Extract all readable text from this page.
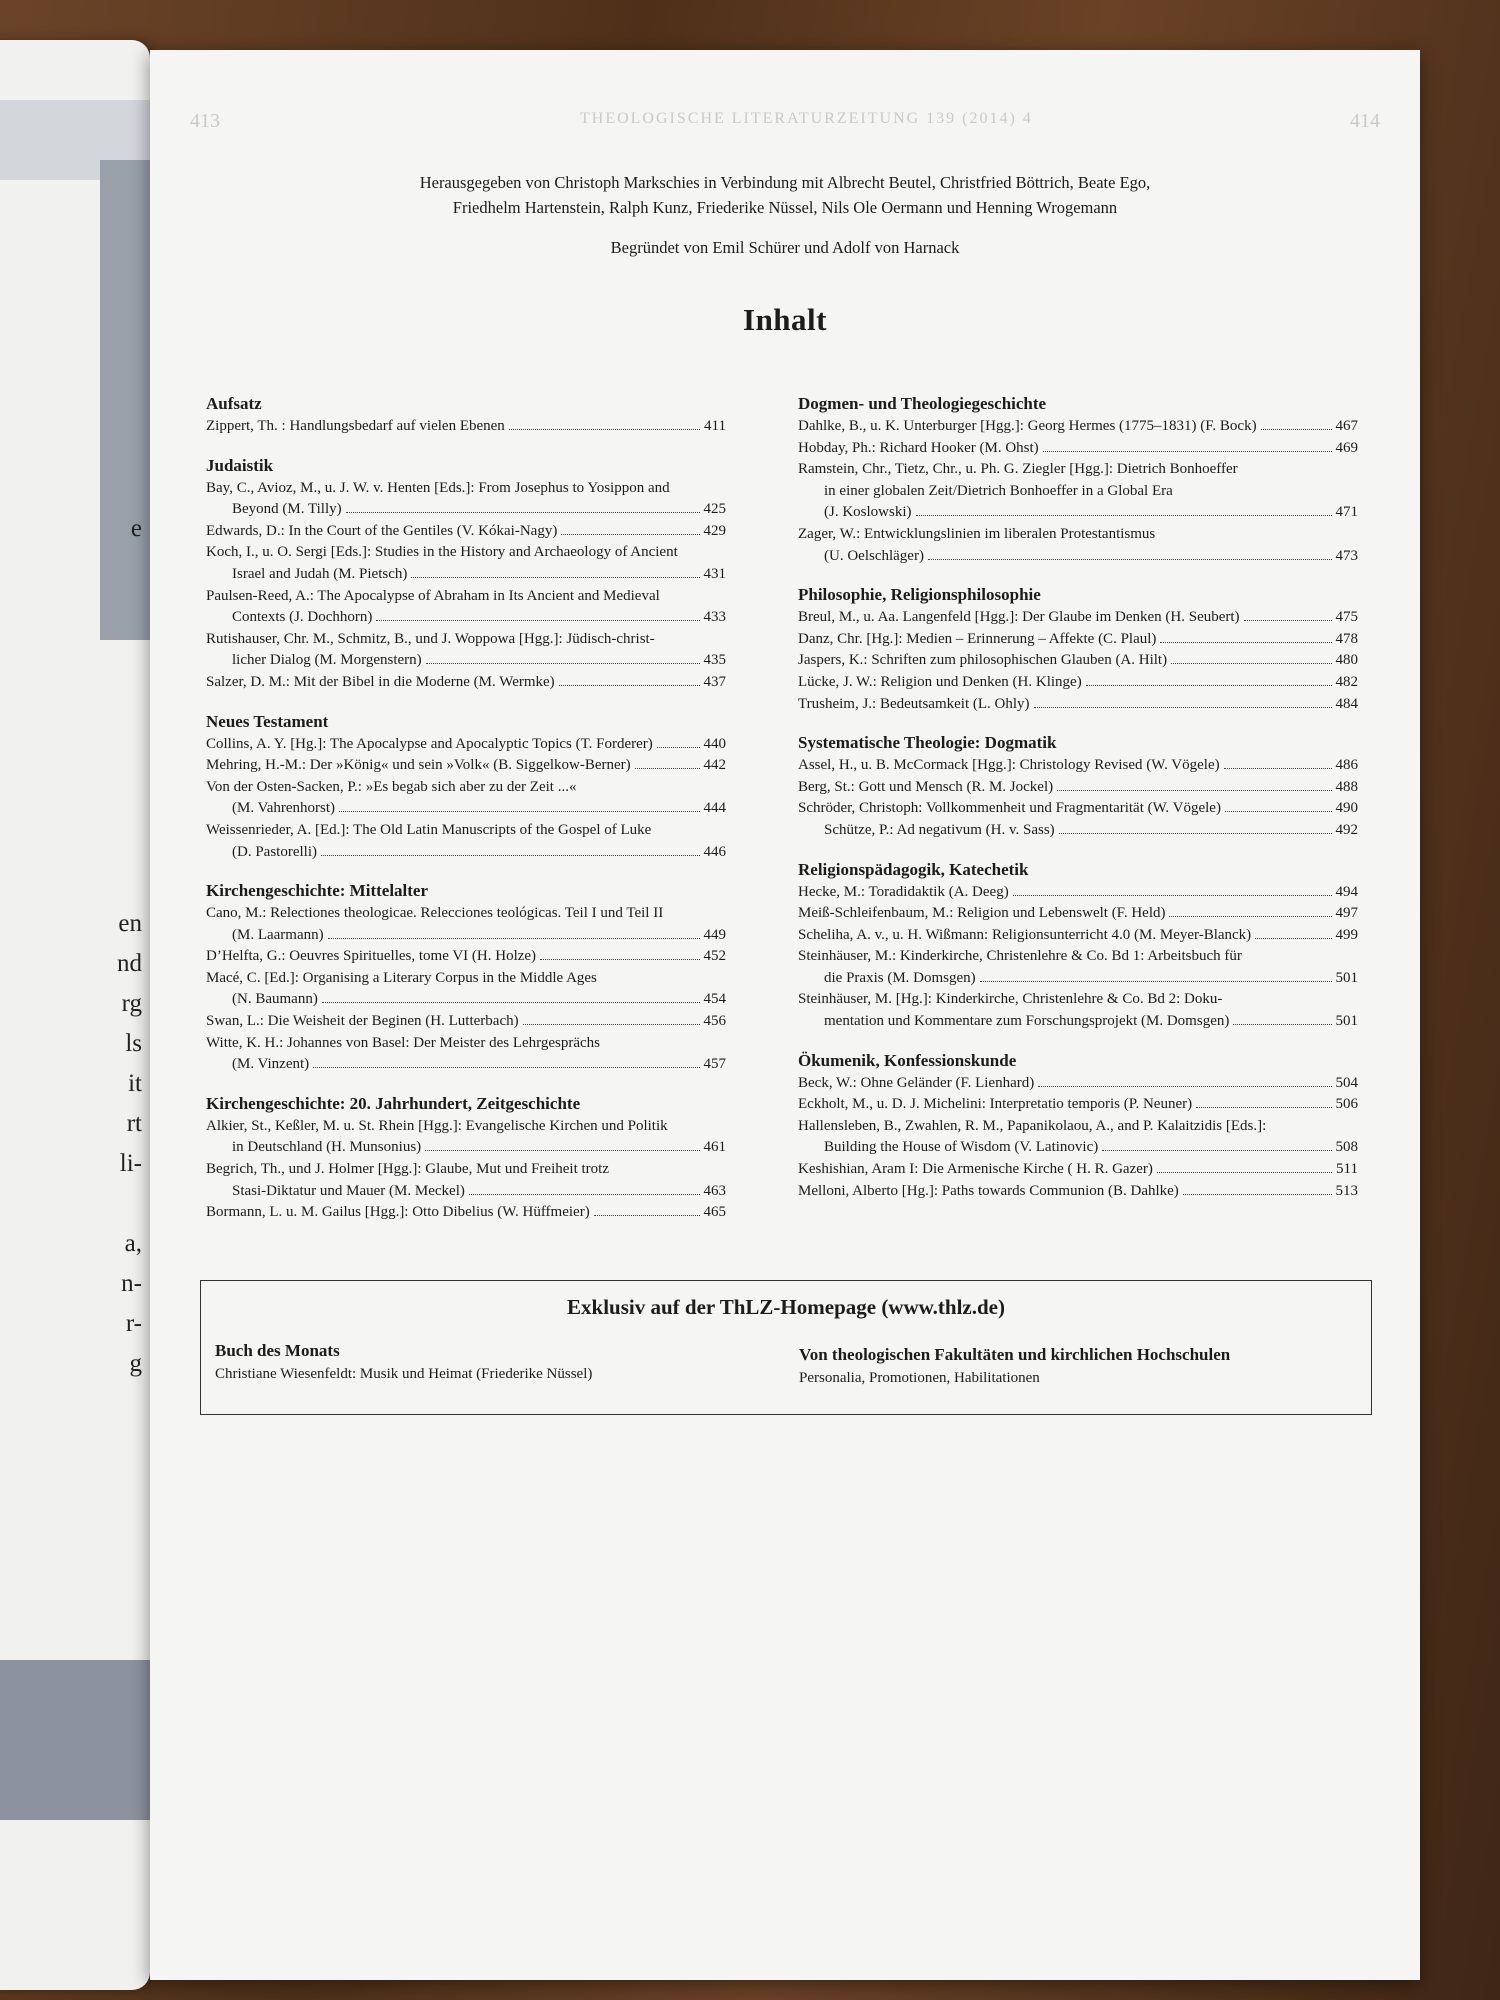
e
en
nd
rg
ls
it
rt
li-
a,
n-
r-
g
413	THEOLOGISCHE LITERATURZEITUNG 139 (2014) 4	414
Herausgegeben von Christoph Markschies in Verbindung mit Albrecht Beutel, Christfried Böttrich, Beate Ego,
Friedhelm Hartenstein, Ralph Kunz, Friederike Nüssel, Nils Ole Oermann und Henning Wrogemann
Begründet von Emil Schürer und Adolf von Harnack
Inhalt
Aufsatz
Zippert, Th. : Handlungsbedarf auf vielen Ebenen	411
Judaistik
Bay, C., Avioz, M., u. J. W. v. Henten [Eds.]: From Josephus to Yosippon and
Beyond (M. Tilly)	425
Edwards, D.: In the Court of the Gentiles (V. Kókai-Nagy)	429
Koch, I., u. O. Sergi [Eds.]: Studies in the History and Archaeology of Ancient
Israel and Judah (M. Pietsch)	431
Paulsen-Reed, A.: The Apocalypse of Abraham in Its Ancient and Medieval
Contexts (J. Dochhorn)	433
Rutishauser, Chr. M., Schmitz, B., und J. Woppowa [Hgg.]: Jüdisch-christ-
licher Dialog (M. Morgenstern)	435
Salzer, D. M.: Mit der Bibel in die Moderne (M. Wermke)	437
Neues Testament
Collins, A. Y. [Hg.]: The Apocalypse and Apocalyptic Topics (T. Forderer)	440
Mehring, H.-M.: Der »König« und sein »Volk« (B. Siggelkow-Berner)	442
Von der Osten-Sacken, P.: »Es begab sich aber zu der Zeit ...«
(M. Vahrenhorst)	444
Weissenrieder, A. [Ed.]: The Old Latin Manuscripts of the Gospel of Luke
(D. Pastorelli)	446
Kirchengeschichte: Mittelalter
Cano, M.: Relectiones theologicae. Relecciones teológicas. Teil I und Teil II
(M. Laarmann)	449
D’Helfta, G.: Oeuvres Spirituelles, tome VI (H. Holze)	452
Macé, C. [Ed.]: Organising a Literary Corpus in the Middle Ages
(N. Baumann)	454
Swan, L.: Die Weisheit der Beginen (H. Lutterbach)	456
Witte, K. H.: Johannes von Basel: Der Meister des Lehrgesprächs
(M. Vinzent)	457
Kirchengeschichte: 20. Jahrhundert, Zeitgeschichte
Alkier, St., Keßler, M. u. St. Rhein [Hgg.]: Evangelische Kirchen und Politik
in Deutschland (H. Munsonius)	461
Begrich, Th., und J. Holmer [Hgg.]: Glaube, Mut und Freiheit trotz
Stasi-Diktatur und Mauer (M. Meckel)	463
Bormann, L. u. M. Gailus [Hgg.]: Otto Dibelius (W. Hüffmeier)	465
Dogmen- und Theologiegeschichte
Dahlke, B., u. K. Unterburger [Hgg.]: Georg Hermes (1775–1831) (F. Bock)	467
Hobday, Ph.: Richard Hooker (M. Ohst)	469
Ramstein, Chr., Tietz, Chr., u. Ph. G. Ziegler [Hgg.]: Dietrich Bonhoeffer
in einer globalen Zeit/Dietrich Bonhoeffer in a Global Era
(J. Koslowski)	471
Zager, W.: Entwicklungslinien im liberalen Protestantismus
(U. Oelschläger)	473
Philosophie, Religionsphilosophie
Breul, M., u. Aa. Langenfeld [Hgg.]: Der Glaube im Denken (H. Seubert)	475
Danz, Chr. [Hg.]: Medien – Erinnerung – Affekte (C. Plaul)	478
Jaspers, K.: Schriften zum philosophischen Glauben (A. Hilt)	480
Lücke, J. W.: Religion und Denken (H. Klinge)	482
Trusheim, J.: Bedeutsamkeit (L. Ohly)	484
Systematische Theologie: Dogmatik
Assel, H., u. B. McCormack [Hgg.]: Christology Revised (W. Vögele)	486
Berg, St.: Gott und Mensch (R. M. Jockel)	488
Schröder, Christoph: Vollkommenheit und Fragmentarität (W. Vögele)	490
Schütze, P.: Ad negativum (H. v. Sass)	492
Religionspädagogik, Katechetik
Hecke, M.: Toradidaktik (A. Deeg)	494
Meiß-Schleifenbaum, M.: Religion und Lebenswelt (F. Held)	497
Scheliha, A. v., u. H. Wißmann: Religionsunterricht 4.0 (M. Meyer-Blanck)	499
Steinhäuser, M.: Kinderkirche, Christenlehre & Co. Bd 1: Arbeitsbuch für
die Praxis (M. Domsgen)	501
Steinhäuser, M. [Hg.]: Kinderkirche, Christenlehre & Co. Bd 2: Doku-
mentation und Kommentare zum Forschungsprojekt (M. Domsgen)	501
Ökumenik, Konfessionskunde
Beck, W.: Ohne Geländer (F. Lienhard)	504
Eckholt, M., u. D. J. Michelini: Interpretatio temporis (P. Neuner)	506
Hallensleben, B., Zwahlen, R. M., Papanikolaou, A., and P. Kalaitzidis [Eds.]:
Building the House of Wisdom (V. Latinovic)	508
Keshishian, Aram I: Die Armenische Kirche ( H. R. Gazer)	511
Melloni, Alberto [Hg.]: Paths towards Communion (B. Dahlke)	513
Exklusiv auf der ThLZ-Homepage (www.thlz.de)
Buch des Monats
Christiane Wiesenfeldt: Musik und Heimat (Friederike Nüssel)
Von theologischen Fakultäten und kirchlichen Hochschulen
Personalia, Promotionen, Habilitationen
